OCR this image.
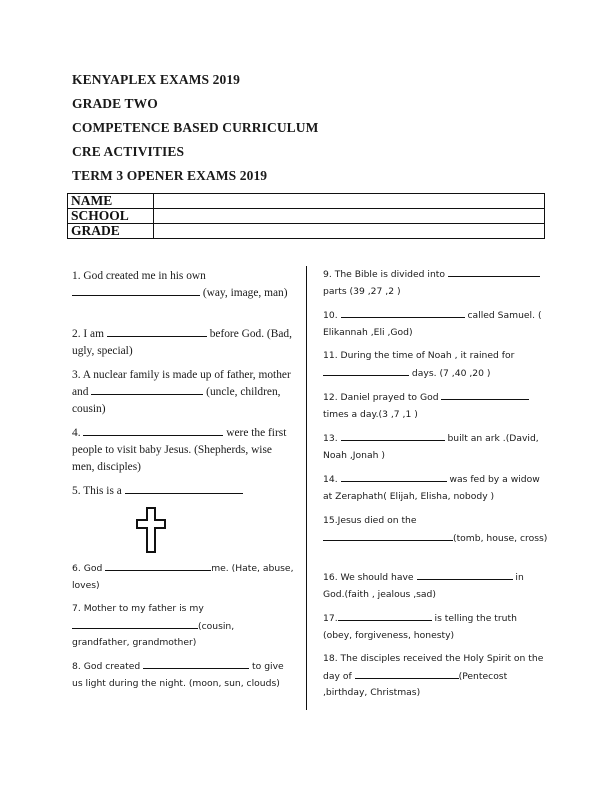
KENYAPLEX EXAMS 2019
GRADE TWO
COMPETENCE BASED CURRICULUM
CRE ACTIVITIES
TERM 3 OPENER EXAMS 2019
NAME	
SCHOOL	
GRADE	
1. God created me in his own
(way, image, man)
2. I am	before God. (Bad, ugly, special)
3. A nuclear family is made up of father, mother and	(uncle, children, cousin)
4.	were the first people to visit baby Jesus. (Shepherds, wise men, disciples)
5. This is a
6. God	me. (Hate, abuse, loves)
7. Mother to my father is my
(cousin, grandfather, grandmother)
8. God created	to give us light during the night. (moon, sun, clouds)
9. The Bible is divided into  parts (39 ,27 ,2 )
10.	called Samuel. ( Elikannah ,Eli ,God)
11. During the time of Noah , it rained for
days. (7 ,40 ,20 )
12. Daniel prayed to God  times a day.(3 ,7 ,1 )
13.	built an ark .(David, Noah ,Jonah )
14.	was fed by a widow at Zeraphath( Elijah, Elisha, nobody )
15.Jesus died on the
(tomb, house, cross)
16. We should have	in God.(faith , jealous ,sad)
17.	is telling the truth (obey, forgiveness, honesty)
18. The disciples received the Holy Spirit on the day of	(Pentecost ,birthday, Christmas)
